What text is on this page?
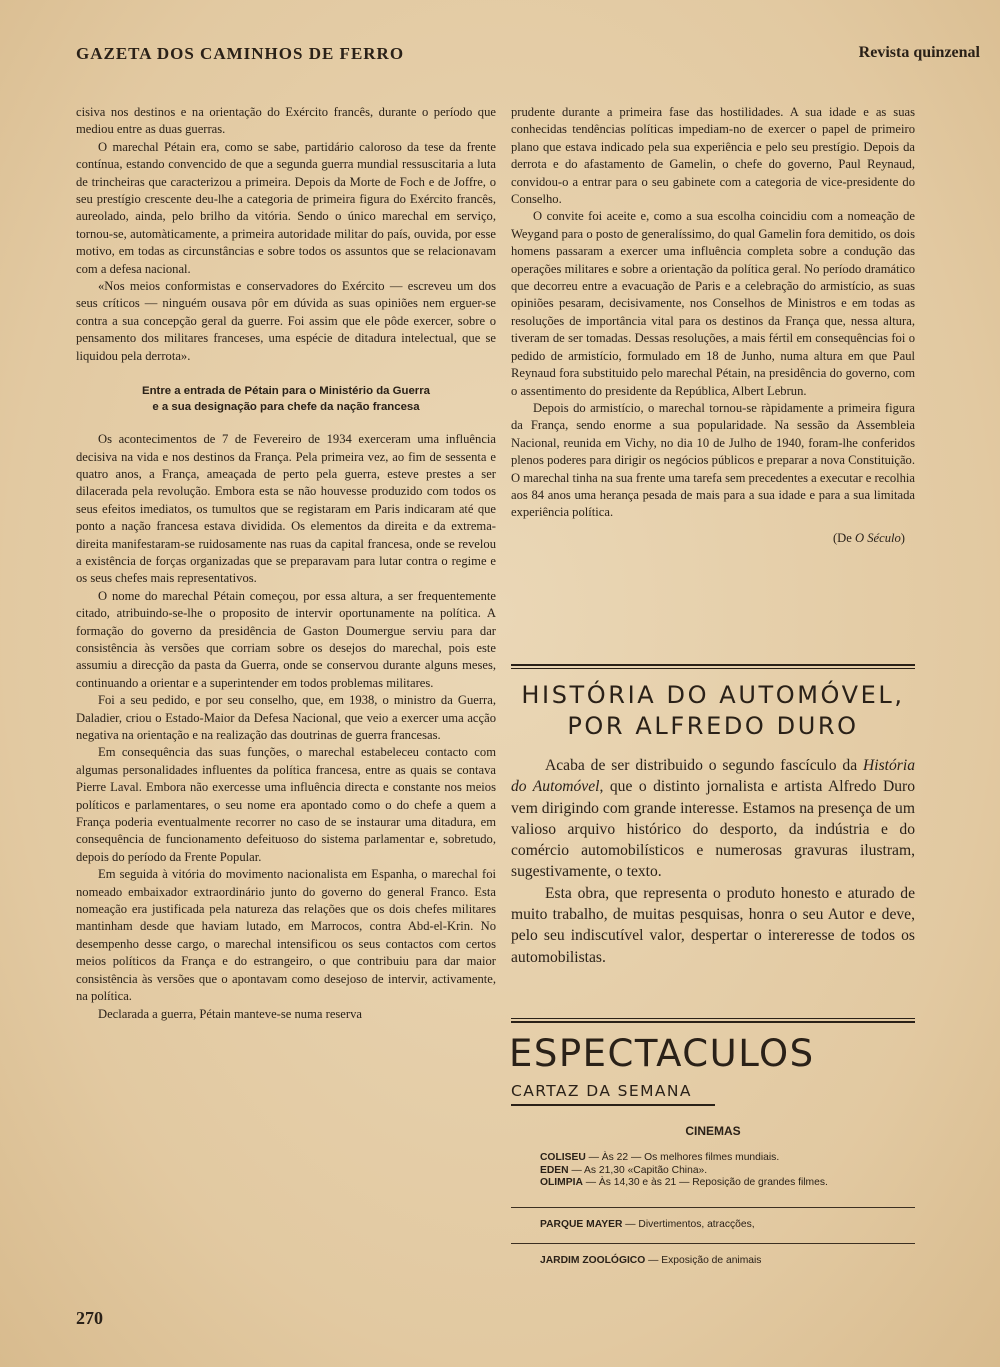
GAZETA DOS CAMINHOS DE FERRO	Revista quinzenal

cisiva nos destinos e na orientação do Exército francês, durante o período que mediou entre as duas guerras.

O marechal Pétain era, como se sabe, partidário caloroso da tese da frente contínua, estando convencido de que a segunda guerra mundial ressuscitaria a luta de trincheiras que caracterizou a primeira. Depois da Morte de Foch e de Joffre, o seu prestígio crescente deu-lhe a categoria de primeira figura do Exército francês, aureolado, ainda, pelo brilho da vitória. Sendo o único marechal em serviço, tornou-se, automàticamente, a primeira autoridade militar do país, ouvida, por esse motivo, em todas as circunstâncias e sobre todos os assuntos que se relacionavam com a defesa nacional.

«Nos meios conformistas e conservadores do Exército — escreveu um dos seus críticos — ninguém ousava pôr em dúvida as suas opiniões nem erguer-se contra a sua concepção geral da guerre. Foi assim que ele pôde exercer, sobre o pensamento dos militares franceses, uma espécie de ditadura intelectual, que se liquidou pela derrota».

Entre a entrada de Pétain para o Ministério da Guerra
e a sua designação para chefe da nação francesa

Os acontecimentos de 7 de Fevereiro de 1934 exerceram uma influência decisiva na vida e nos destinos da França. Pela primeira vez, ao fim de sessenta e quatro anos, a França, ameaçada de perto pela guerra, esteve prestes a ser dilacerada pela revolução. Embora esta se não houvesse produzido com todos os seus efeitos imediatos, os tumultos que se registaram em Paris indicaram até que ponto a nação francesa estava dividida. Os elementos da direita e da extrema-direita manifestaram-se ruidosamente nas ruas da capital francesa, onde se revelou a existência de forças organizadas que se preparavam para lutar contra o regime e os seus chefes mais representativos.

O nome do marechal Pétain começou, por essa altura, a ser frequentemente citado, atribuindo-se-lhe o proposito de intervir oportunamente na política. A formação do governo da presidência de Gaston Doumergue serviu para dar consistência às versões que corriam sobre os desejos do marechal, pois este assumiu a direcção da pasta da Guerra, onde se conservou durante alguns meses, continuando a orientar e a superintender em todos problemas militares.

Foi a seu pedido, e por seu conselho, que, em 1938, o ministro da Guerra, Daladier, criou o Estado-Maior da Defesa Nacional, que veio a exercer uma acção negativa na orientação e na realização das doutrinas de guerra francesas.

Em consequência das suas funções, o marechal estabeleceu contacto com algumas personalidades influentes da política francesa, entre as quais se contava Pierre Laval. Embora não exercesse uma influência directa e constante nos meios políticos e parlamentares, o seu nome era apontado como o do chefe a quem a França poderia eventualmente recorrer no caso de se instaurar uma ditadura, em consequência de funcionamento defeituoso do sistema parlamentar e, sobretudo, depois do período da Frente Popular.

Em seguida à vitória do movimento nacionalista em Espanha, o marechal foi nomeado embaixador extraordinário junto do governo do general Franco. Esta nomeação era justificada pela natureza das relações que os dois chefes militares mantinham desde que haviam lutado, em Marrocos, contra Abd-el-Krin. No desempenho desse cargo, o marechal intensificou os seus contactos com certos meios políticos da França e do estrangeiro, o que contribuiu para dar maior consistência às versões que o apontavam como desejoso de intervir, activamente, na política.

Declarada a guerra, Pétain manteve-se numa reserva

prudente durante a primeira fase das hostilidades. A sua idade e as suas conhecidas tendências políticas impediam-no de exercer o papel de primeiro plano que estava indicado pela sua experiência e pelo seu prestígio. Depois da derrota e do afastamento de Gamelin, o chefe do governo, Paul Reynaud, convidou-o a entrar para o seu gabinete com a categoria de vice-presidente do Conselho.

O convite foi aceite e, como a sua escolha coincidiu com a nomeação de Weygand para o posto de generalíssimo, do qual Gamelin fora demitido, os dois homens passaram a exercer uma influência completa sobre a condução das operações militares e sobre a orientação da política geral. No período dramático que decorreu entre a evacuação de Paris e a celebração do armistício, as suas opiniões pesaram, decisivamente, nos Conselhos de Ministros e em todas as resoluções de importância vital para os destinos da França que, nessa altura, tiveram de ser tomadas. Dessas resoluções, a mais fértil em consequências foi o pedido de armistício, formulado em 18 de Junho, numa altura em que Paul Reynaud fora substituido pelo marechal Pétain, na presidência do governo, com o assentimento do presidente da República, Albert Lebrun.

Depois do armistício, o marechal tornou-se ràpidamente a primeira figura da França, sendo enorme a sua popularidade. Na sessão da Assembleia Nacional, reunida em Vichy, no dia 10 de Julho de 1940, foram-lhe conferidos plenos poderes para dirigir os negócios públicos e preparar a nova Constituição. O marechal tinha na sua frente uma tarefa sem precedentes a executar e recolhia aos 84 anos uma herança pesada de mais para a sua idade e para a sua limitada experiência política.

(De O Século)
HISTÓRIA DO AUTOMÓVEL,
POR ALFREDO DURO

Acaba de ser distribuido o segundo fascículo da História do Automóvel, que o distinto jornalista e artista Alfredo Duro vem dirigindo com grande interesse. Estamos na presença de um valioso arquivo histórico do desporto, da indústria e do comércio automobilísticos e numerosas gravuras ilustram, sugestivamente, o texto.

Esta obra, que representa o produto honesto e aturado de muito trabalho, de muitas pesquisas, honra o seu Autor e deve, pelo seu indiscutível valor, despertar o intereresse de todos os automobilistas.

ESPECTACULOS
CARTAZ DA SEMANA
CINEMAS
COLISEU — Às 22 — Os melhores filmes mundiais.
EDEN — As 21,30 «Capitão China».
OLIMPIA — Às 14,30 e às 21 — Reposição de grandes filmes.
PARQUE MAYER — Divertimentos, atracções,
JARDIM ZOOLÓGICO — Exposição de animais
270
